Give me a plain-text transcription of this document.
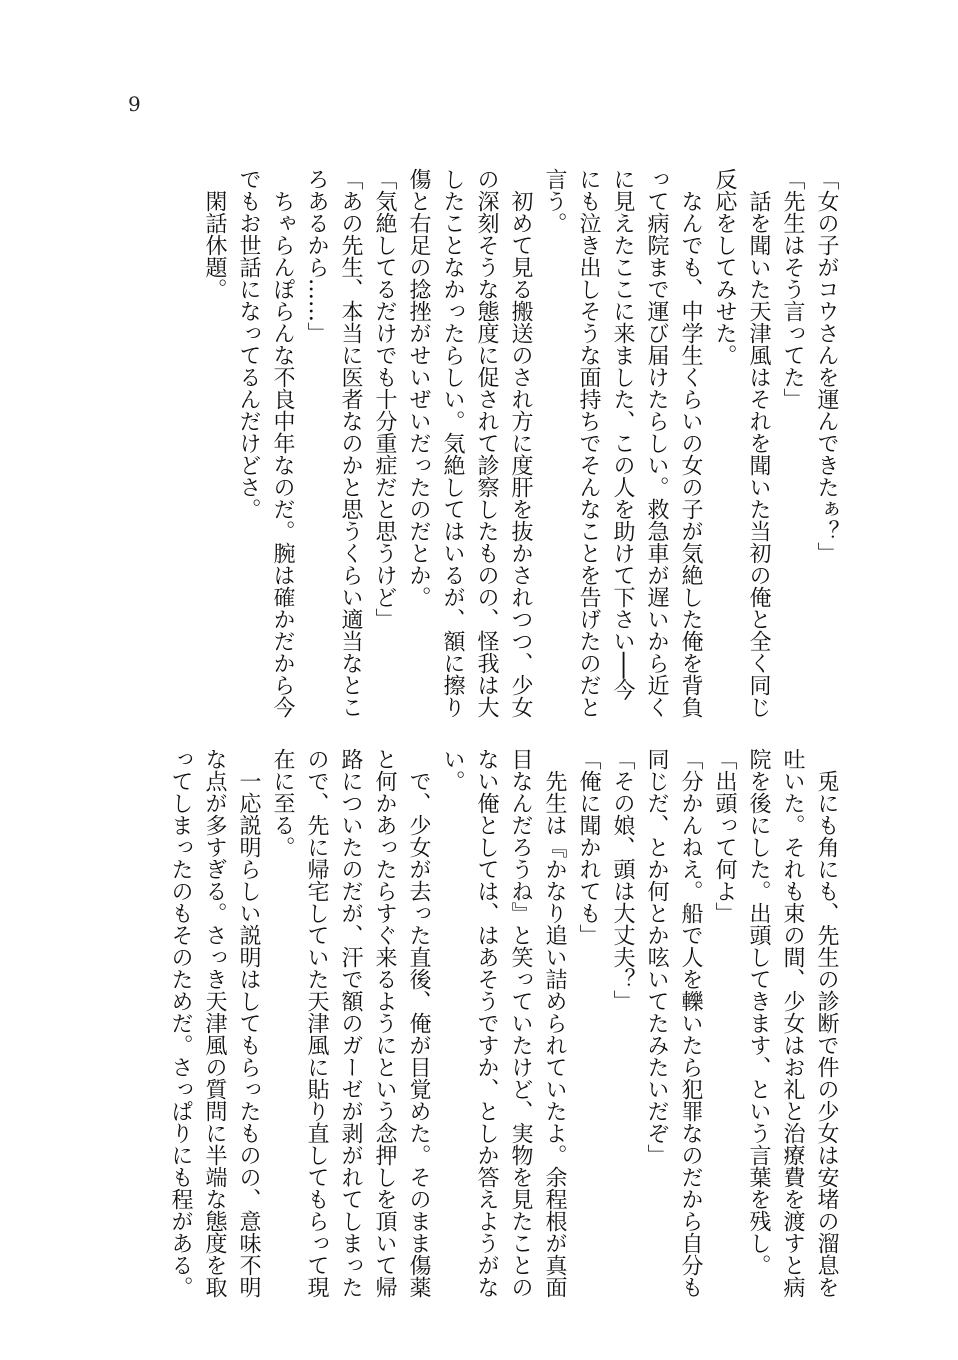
9
「女の子がコウさんを運んできたぁ？」
「先生はそう言ってた」
　話を聞いた天津風はそれを聞いた当初の俺と全く同じ
反応をしてみせた。
　なんでも、中学生くらいの女の子が気絶した俺を背負
って病院まで運び届けたらしい。救急車が遅いから近く
に見えたここに来ました、この人を助けて下さい──今
にも泣き出しそうな面持ちでそんなことを告げたのだと
言う。
　初めて見る搬送のされ方に度肝を抜かされつつ、少女
の深刻そうな態度に促されて診察したものの、怪我は大
したことなかったらしい。気絶してはいるが、額に擦り
傷と右足の捻挫がせいぜいだったのだとか。
「気絶してるだけでも十分重症だと思うけど」
「あの先生、本当に医者なのかと思うくらい適当なとこ
ろあるから……」
　ちゃらんぽらんな不良中年なのだ。腕は確かだから今
でもお世話になってるんだけどさ。
　閑話休題。
　兎にも角にも、先生の診断で件の少女は安堵の溜息を
吐いた。それも束の間、少女はお礼と治療費を渡すと病
院を後にした。出頭してきます、という言葉を残し。
「出頭って何よ」
「分かんねえ。船で人を轢いたら犯罪なのだから自分も
同じだ、とか何とか呟いてたみたいだぞ」
「その娘、頭は大丈夫？」
「俺に聞かれても」
　先生は『かなり追い詰められていたよ。余程根が真面
目なんだろうね』と笑っていたけど、実物を見たことの
ない俺としては、はあそうですか、としか答えようがな
い。
　で、少女が去った直後、俺が目覚めた。そのまま傷薬
と何かあったらすぐ来るようにという念押しを頂いて帰
路についたのだが、汗で額のガーゼが剥がれてしまった
ので、先に帰宅していた天津風に貼り直してもらって現
在に至る。
　一応説明らしい説明はしてもらったものの、意味不明
な点が多すぎる。さっき天津風の質問に半端な態度を取
ってしまったのもそのためだ。さっぱりにも程がある。
